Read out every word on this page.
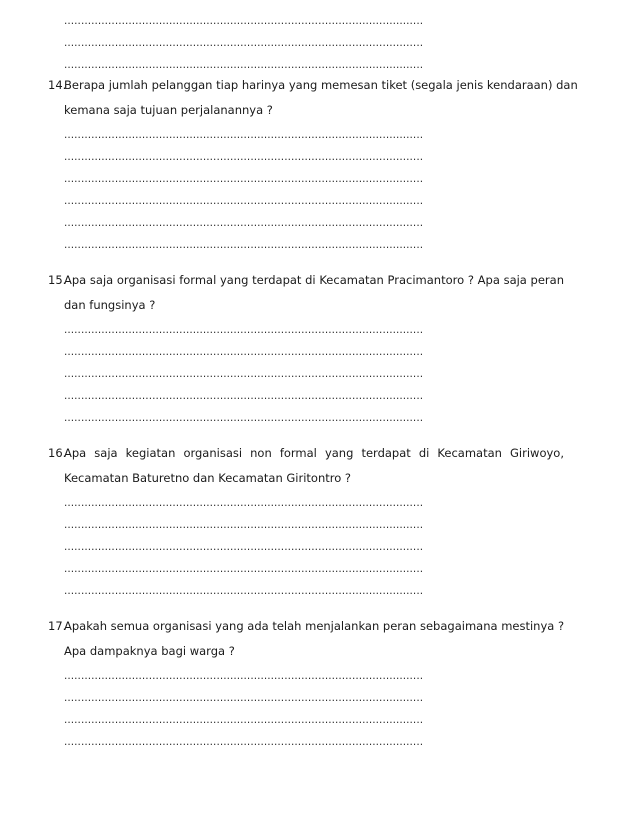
..........................................................................................................
..........................................................................................................
..........................................................................................................
14.
Berapa jumlah pelanggan tiap harinya yang memesan tiket (segala jenis kendaraan) dan
kemana saja tujuan perjalanannya ?
..........................................................................................................
..........................................................................................................
..........................................................................................................
..........................................................................................................
..........................................................................................................
..........................................................................................................
15.
Apa saja organisasi formal yang terdapat di Kecamatan Pracimantoro ? Apa saja peran
dan fungsinya ?
..........................................................................................................
..........................................................................................................
..........................................................................................................
..........................................................................................................
..........................................................................................................
16.
Apa saja kegiatan organisasi non formal yang terdapat di Kecamatan Giriwoyo,
Kecamatan Baturetno dan Kecamatan Giritontro ?
..........................................................................................................
..........................................................................................................
..........................................................................................................
..........................................................................................................
..........................................................................................................
17.
Apakah semua organisasi yang ada telah menjalankan peran sebagaimana mestinya ?
Apa dampaknya bagi warga ?
..........................................................................................................
..........................................................................................................
..........................................................................................................
..........................................................................................................
